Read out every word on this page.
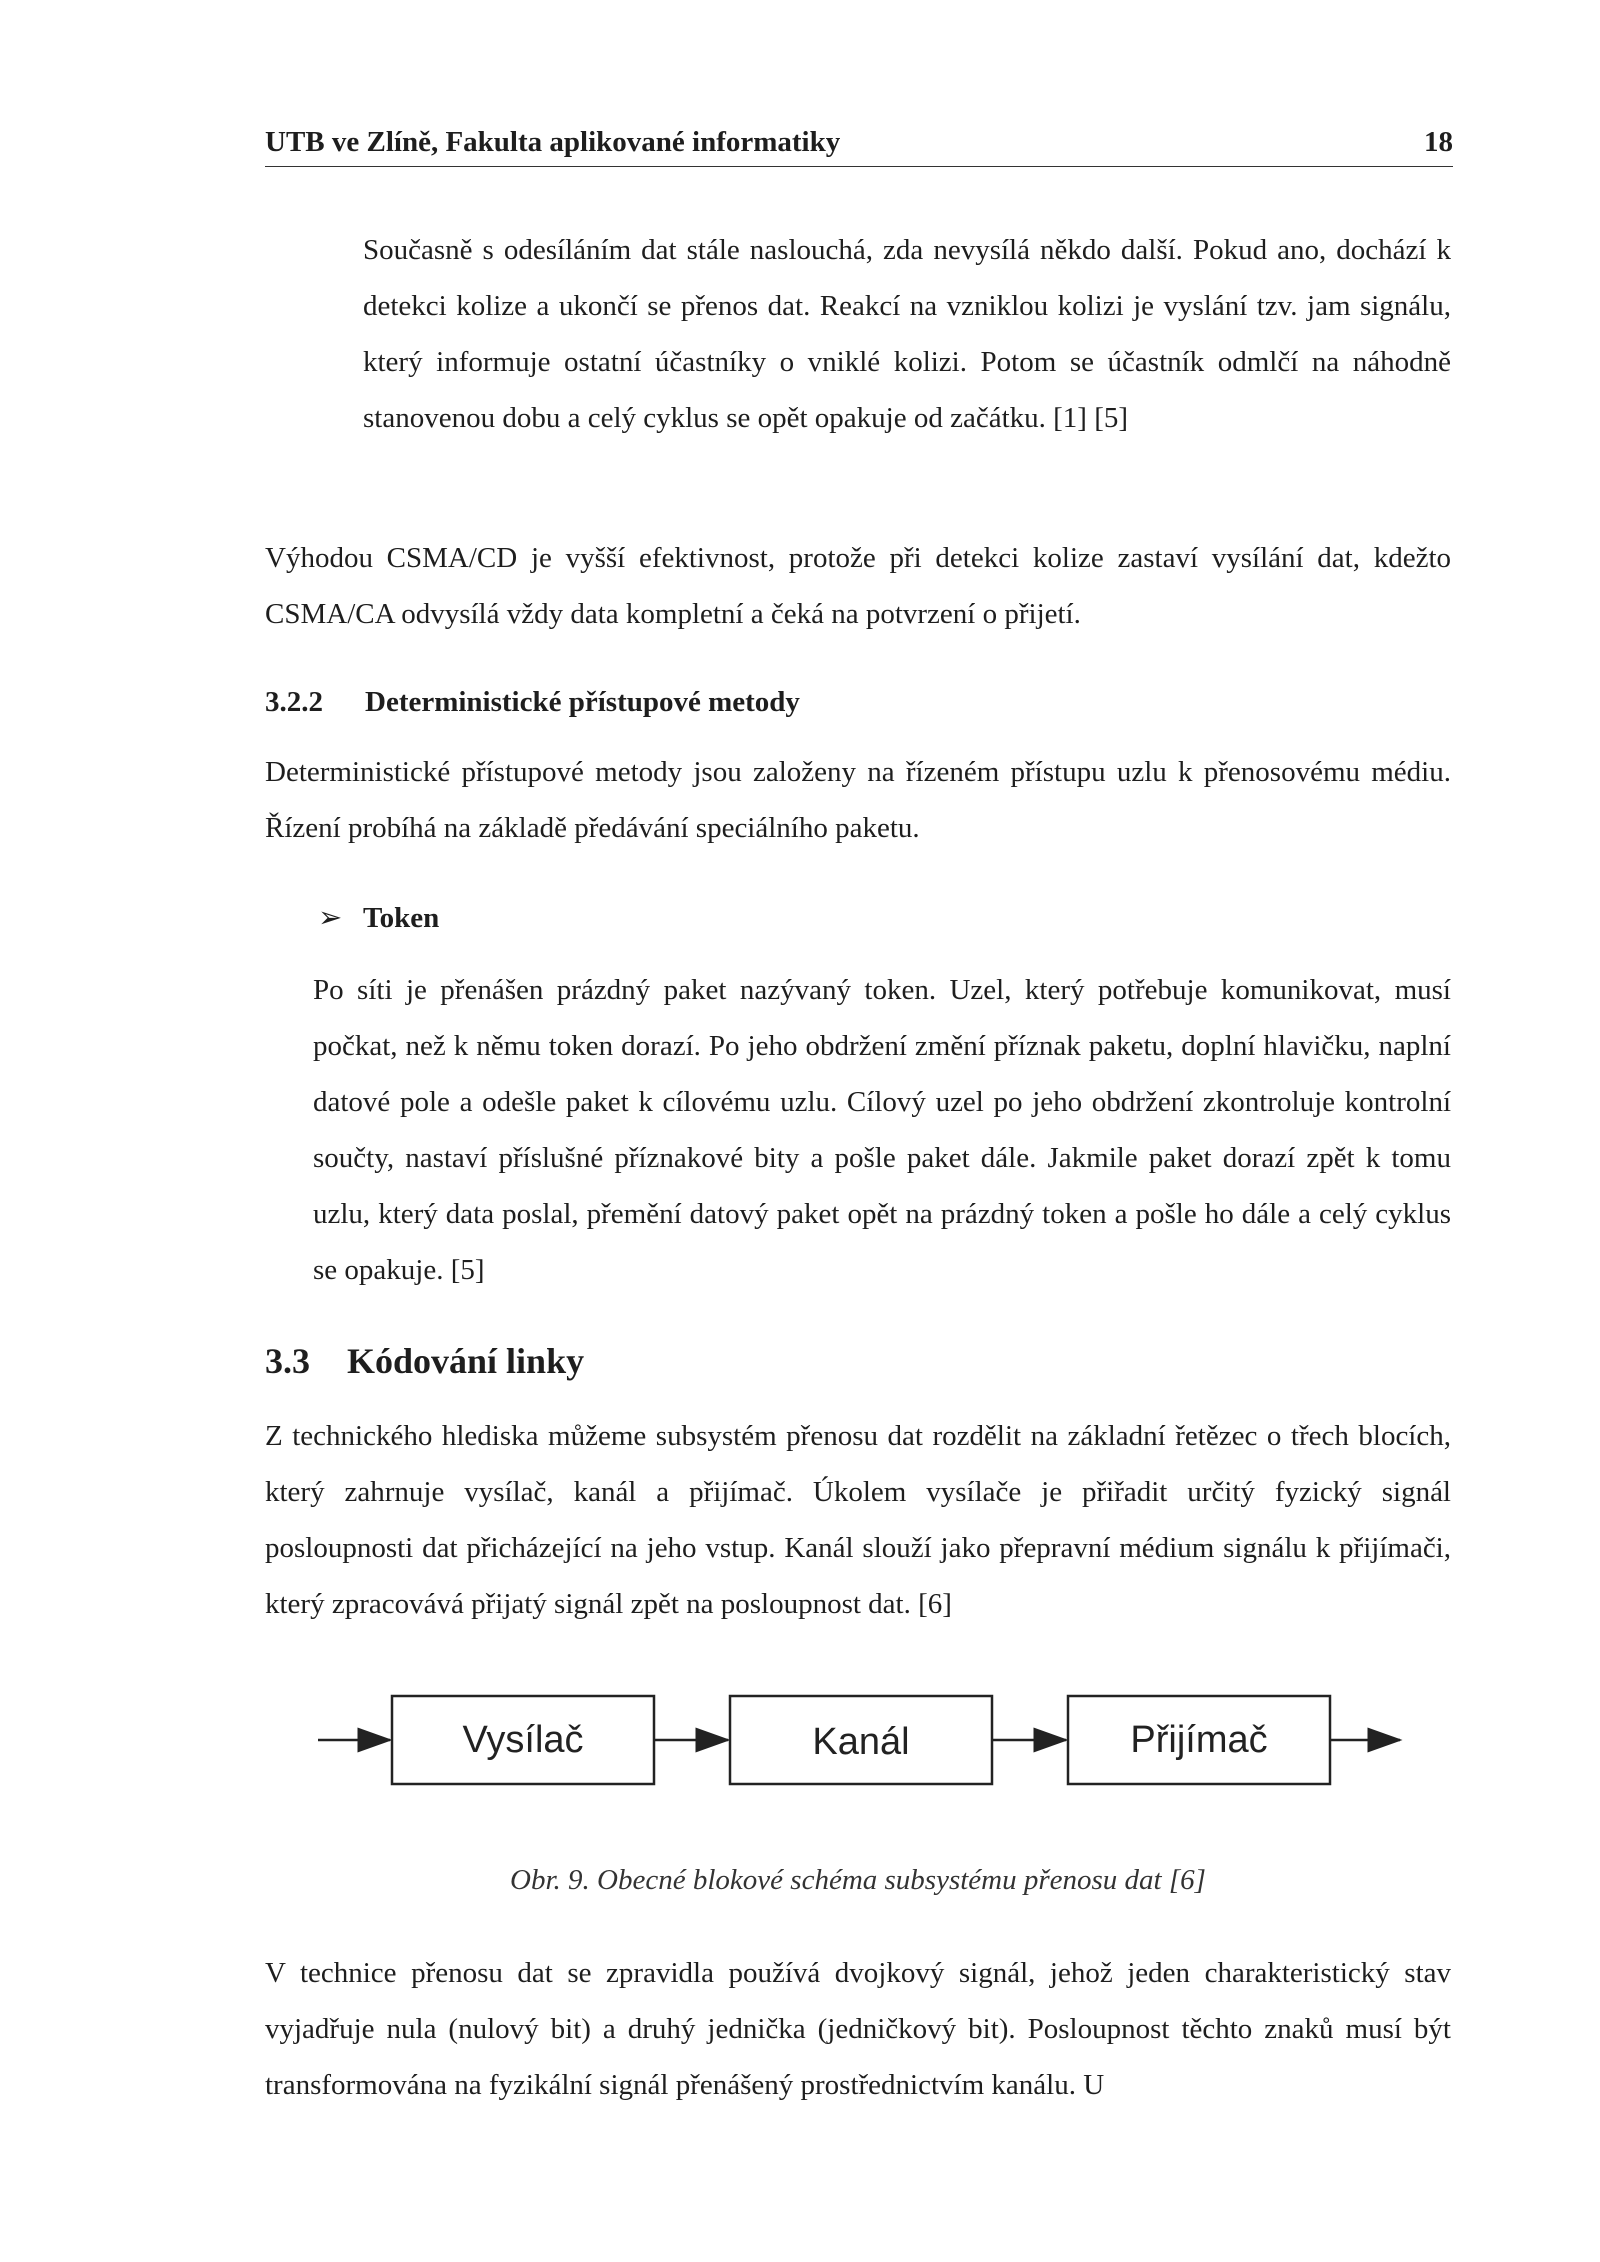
UTB ve Zlíně, Fakulta aplikované informatiky	18

Současně s odesíláním dat stále naslouchá, zda nevysílá někdo další. Pokud ano, dochází k detekci kolize a ukončí se přenos dat. Reakcí na vzniklou kolizi je vyslání tzv. jam signálu, který informuje ostatní účastníky o vniklé kolizi. Potom se účastník odmlčí na náhodně stanovenou dobu a celý cyklus se opět opakuje od začátku. [1] [5]

Výhodou CSMA/CD je vyšší efektivnost, protože při detekci kolize zastaví vysílání dat, kdežto CSMA/CA odvysílá vždy data kompletní a čeká na potvrzení o přijetí.

3.2.2 Deterministické přístupové metody

Deterministické přístupové metody jsou založeny na řízeném přístupu uzlu k přenosovému médiu. Řízení probíhá na základě předávání speciálního paketu.

➢ Token

Po síti je přenášen prázdný paket nazývaný token. Uzel, který potřebuje komunikovat, musí počkat, než k němu token dorazí. Po jeho obdržení změní příznak paketu, doplní hlavičku, naplní datové pole a odešle paket k cílovému uzlu. Cílový uzel po jeho obdržení zkontroluje kontrolní součty, nastaví příslušné příznakové bity a pošle paket dále. Jakmile paket dorazí zpět k tomu uzlu, který data poslal, přemění datový paket opět na prázdný token a pošle ho dále a celý cyklus se opakuje. [5]

3.3 Kódování linky

Z technického hlediska můžeme subsystém přenosu dat rozdělit na základní řetězec o třech blocích, který zahrnuje vysílač, kanál a přijímač. Úkolem vysílače je přiřadit určitý fyzický signál posloupnosti dat přicházející na jeho vstup. Kanál slouží jako přepravní médium signálu k přijímači, který zpracovává přijatý signál zpět na posloupnost dat. [6]

Vysílač	Kanál	Přijímač
Obr. 9. Obecné blokové schéma subsystému přenosu dat [6]

V technice přenosu dat se zpravidla používá dvojkový signál, jehož jeden charakteristický stav vyjadřuje nula (nulový bit) a druhý jednička (jedničkový bit). Posloupnost těchto znaků musí být transformována na fyzikální signál přenášený prostřednictvím kanálu. U
